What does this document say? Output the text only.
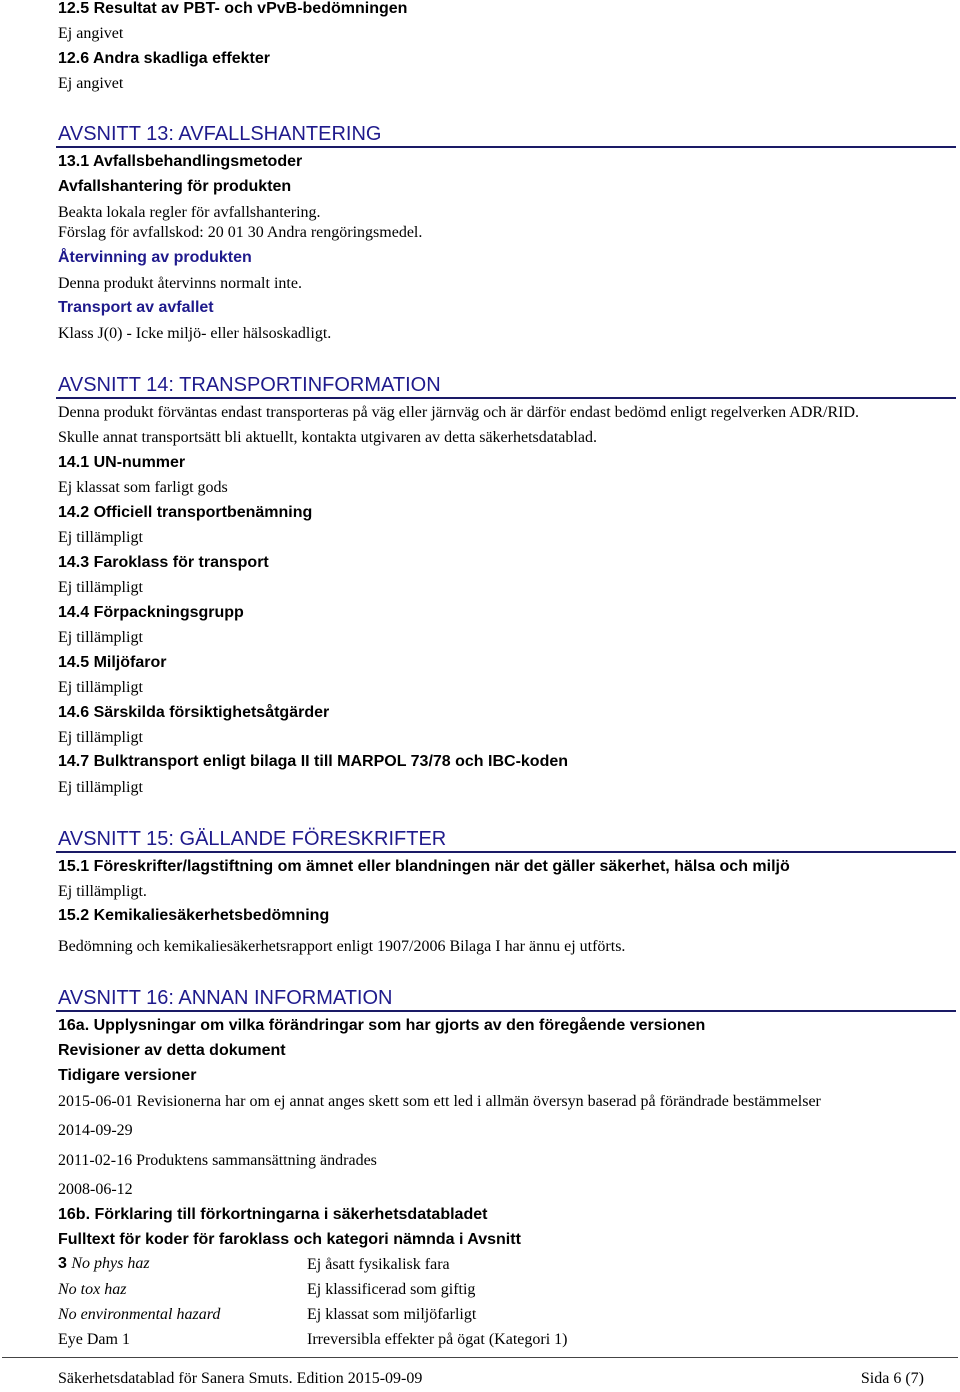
12.5 Resultat av PBT- och vPvB-bedömningen
Ej angivet
12.6 Andra skadliga effekter
Ej angivet
AVSNITT 13: AVFALLSHANTERING
13.1 Avfallsbehandlingsmetoder
Avfallshantering för produkten
Beakta lokala regler för avfallshantering.
Förslag för avfallskod: 20 01 30 Andra rengöringsmedel.
Återvinning av produkten
Denna produkt återvinns normalt inte.
Transport av avfallet
Klass J(0) - Icke miljö- eller hälsoskadligt.
AVSNITT 14: TRANSPORTINFORMATION
Denna produkt förväntas endast transporteras på väg eller järnväg och är därför endast bedömd enligt regelverken ADR/RID.
Skulle annat transportsätt bli aktuellt, kontakta utgivaren av detta säkerhetsdatablad.
14.1 UN-nummer
Ej klassat som farligt gods
14.2 Officiell transportbenämning
Ej tillämpligt
14.3 Faroklass för transport
Ej tillämpligt
14.4 Förpackningsgrupp
Ej tillämpligt
14.5 Miljöfaror
Ej tillämpligt
14.6 Särskilda försiktighetsåtgärder
Ej tillämpligt
14.7 Bulktransport enligt bilaga II till MARPOL 73/78 och IBC-koden
Ej tillämpligt
AVSNITT 15: GÄLLANDE FÖRESKRIFTER
15.1 Föreskrifter/lagstiftning om ämnet eller blandningen när det gäller säkerhet, hälsa och miljö
Ej tillämpligt.
15.2 Kemikaliesäkerhetsbedömning
Bedömning och kemikaliesäkerhetsrapport enligt 1907/2006 Bilaga I har ännu ej utförts.
AVSNITT 16: ANNAN INFORMATION
16a. Upplysningar om vilka förändringar som har gjorts av den föregående versionen
Revisioner av detta dokument
Tidigare versioner
2015-06-01 Revisionerna har om ej annat anges skett som ett led i allmän översyn baserad på förändrade bestämmelser
2014-09-29
2011-02-16 Produktens sammansättning ändrades
2008-06-12
16b. Förklaring till förkortningarna i säkerhetsdatabladet
Fulltext för koder för faroklass och kategori nämnda i Avsnitt
3 No phys haz	Ej åsatt fysikalisk fara
No tox haz	Ej klassificerad som giftig
No environmental hazard	Ej klassat som miljöfarligt
Eye Dam 1	Irreversibla effekter på ögat (Kategori 1)
Säkerhetsdatablad för Sanera Smuts. Edition 2015-09-09	Sida 6 (7)
